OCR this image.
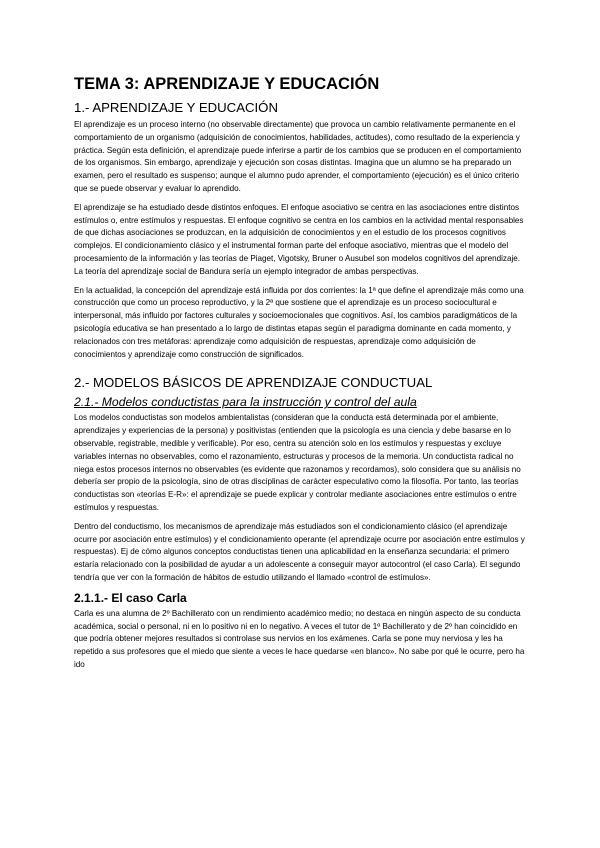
TEMA 3: APRENDIZAJE Y EDUCACIÓN
1.- APRENDIZAJE Y EDUCACIÓN

El aprendizaje es un proceso interno (no observable directamente) que provoca un cambio relativamente permanente en el comportamiento de un organismo (adquisición de conocimientos, habilidades, actitudes), como resultado de la experiencia y práctica. Según esta definición, el aprendizaje puede inferirse a partir de los cambios que se producen en el comportamiento de los organismos. Sin embargo, aprendizaje y ejecución son cosas distintas. Imagina que un alumno se ha preparado un examen, pero el resultado es suspenso; aunque el alumno pudo aprender, el comportamiento (ejecución) es el único criterio que se puede observar y evaluar lo aprendido.

El aprendizaje se ha estudiado desde distintos enfoques. El enfoque asociativo se centra en las asociaciones entre distintos estímulos o, entre estímulos y respuestas. El enfoque cognitivo se centra en los cambios en la actividad mental responsables de que dichas asociaciones se produzcan, en la adquisición de conocimientos y en el estudio de los procesos cognitivos complejos. El condicionamiento clásico y el instrumental forman parte del enfoque asociativo, mientras que el modelo del procesamiento de la información y las teorías de Piaget, Vigotsky, Bruner o Ausubel son modelos cognitivos del aprendizaje. La teoría del aprendizaje social de Bandura sería un ejemplo integrador de ambas perspectivas.

En la actualidad, la concepción del aprendizaje está influida por dos corrientes: la 1ª que define el aprendizaje más como una construcción que como un proceso reproductivo, y la 2ª que sostiene que el aprendizaje es un proceso sociocultural e interpersonal, más influido por factores culturales y socioemocionales que cognitivos. Así, los cambios paradigmáticos de la psicología educativa se han presentado a lo largo de distintas etapas según el paradigma dominante en cada momento, y relacionados con tres metáforas: aprendizaje como adquisición de respuestas, aprendizaje como adquisición de conocimientos y aprendizaje como construcción de significados.

2.- MODELOS BÁSICOS DE APRENDIZAJE CONDUCTUAL
2.1.- Modelos conductistas para la instrucción y control del aula

Los modelos conductistas son modelos ambientalistas (consideran que la conducta está determinada por el ambiente, aprendizajes y experiencias de la persona) y positivistas (entienden que la psicología es una ciencia y debe basarse en lo observable, registrable, medible y verificable). Por eso, centra su atención solo en los estímulos y respuestas y excluye variables internas no observables, como el razonamiento, estructuras y procesos de la memoria. Un conductista radical no niega estos procesos internos no observables (es evidente que razonamos y recordamos), solo considera que su análisis no debería ser propio de la psicología, sino de otras disciplinas de carácter especulativo como la filosofía. Por tanto, las teorías conductistas son «teorías E-R»: el aprendizaje se puede explicar y controlar mediante asociaciones entre estímulos o entre estímulos y respuestas.

Dentro del conductismo, los mecanismos de aprendizaje más estudiados son el condicionamiento clásico (el aprendizaje ocurre por asociación entre estímulos) y el condicionamiento operante (el aprendizaje ocurre por asociación entre estímulos y respuestas). Ej de cómo algunos conceptos conductistas tienen una aplicabilidad en la enseñanza secundaria: el primero estaría relacionado con la posibilidad de ayudar a un adolescente a conseguir mayor autocontrol (el caso Carla). El segundo tendría que ver con la formación de hábitos de estudio utilizando el llamado «control de estímulos».

2.1.1.- El caso Carla

Carla es una alumna de 2º Bachillerato con un rendimiento académico medio; no destaca en ningún aspecto de su conducta académica, social o personal, ni en lo positivo ni en lo negativo. A veces el tutor de 1º Bachillerato y de 2º han coincidido en que podría obtener mejores resultados si controlase sus nervios en los exámenes. Carla se pone muy nerviosa y les ha repetido a sus profesores que el miedo que siente a veces le hace quedarse «en blanco». No sabe por qué le ocurre, pero ha ido
